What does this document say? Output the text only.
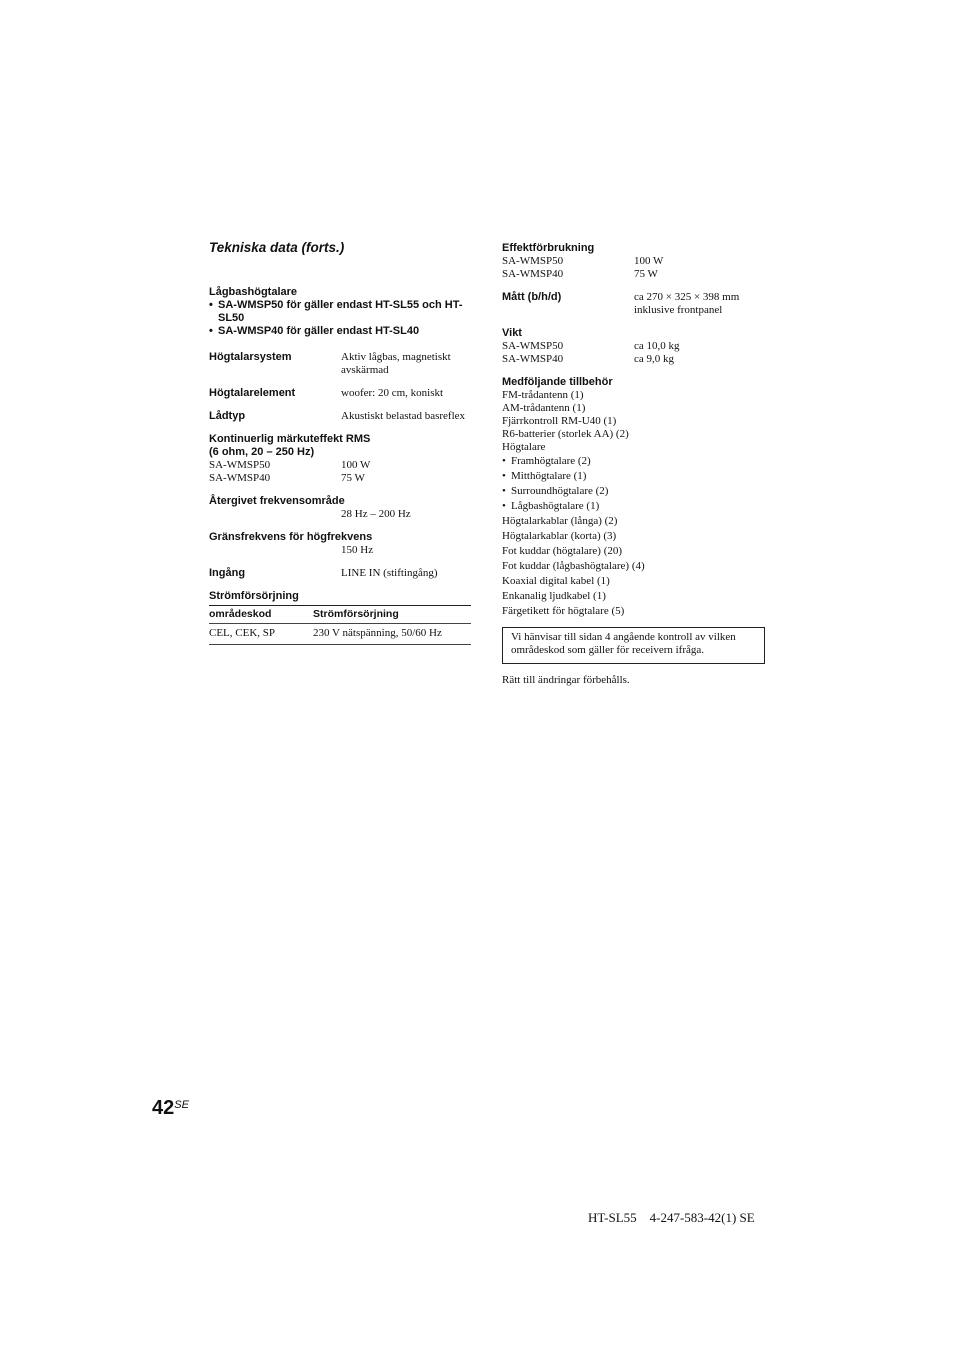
Tekniska data (forts.)
Lågbashögtalare
• SA-WMSP50 för gäller endast HT-SL55 och HT-SL50
• SA-WMSP40 för gäller endast HT-SL40
Högtalarsystem	Aktiv lågbas, magnetiskt avskärmad
Högtalarelement	woofer: 20 cm, koniskt
Lådtyp	Akustiskt belastad basreflex
Kontinuerlig märkuteffekt RMS
(6 ohm, 20 – 250 Hz)
SA-WMSP50	100 W
SA-WMSP40	75 W
Återgivet frekvensområde
28 Hz – 200 Hz
Gränsfrekvens för högfrekvens
150 Hz
Ingång	LINE IN (stiftingång)
Strömförsörjning
områdeskod	Strömförsörjning
CEL, CEK, SP	230 V nätspänning, 50/60 Hz
Effektförbrukning
SA-WMSP50	100 W
SA-WMSP40	75 W
Mått (b/h/d)	ca 270 × 325 × 398 mm
inklusive frontpanel
Vikt
SA-WMSP50	ca 10,0 kg
SA-WMSP40	ca 9,0 kg
Medföljande tillbehör
FM-trådantenn (1)
AM-trådantenn (1)
Fjärrkontroll RM-U40 (1)
R6-batterier (storlek AA) (2)
Högtalare
• Framhögtalare (2)
• Mitthögtalare (1)
• Surroundhögtalare (2)
• Lågbashögtalare (1)
Högtalarkablar (långa) (2)
Högtalarkablar (korta) (3)
Fot kuddar (högtalare) (20)
Fot kuddar (lågbashögtalare) (4)
Koaxial digital kabel (1)
Enkanalig ljudkabel (1)
Färgetikett för högtalare (5)
Vi hänvisar till sidan 4 angående kontroll av vilken områdeskod som gäller för receivern ifråga.
Rätt till ändringar förbehålls.
$42^{SE}$
HT-SL55    4-247-583-42(1) SE
